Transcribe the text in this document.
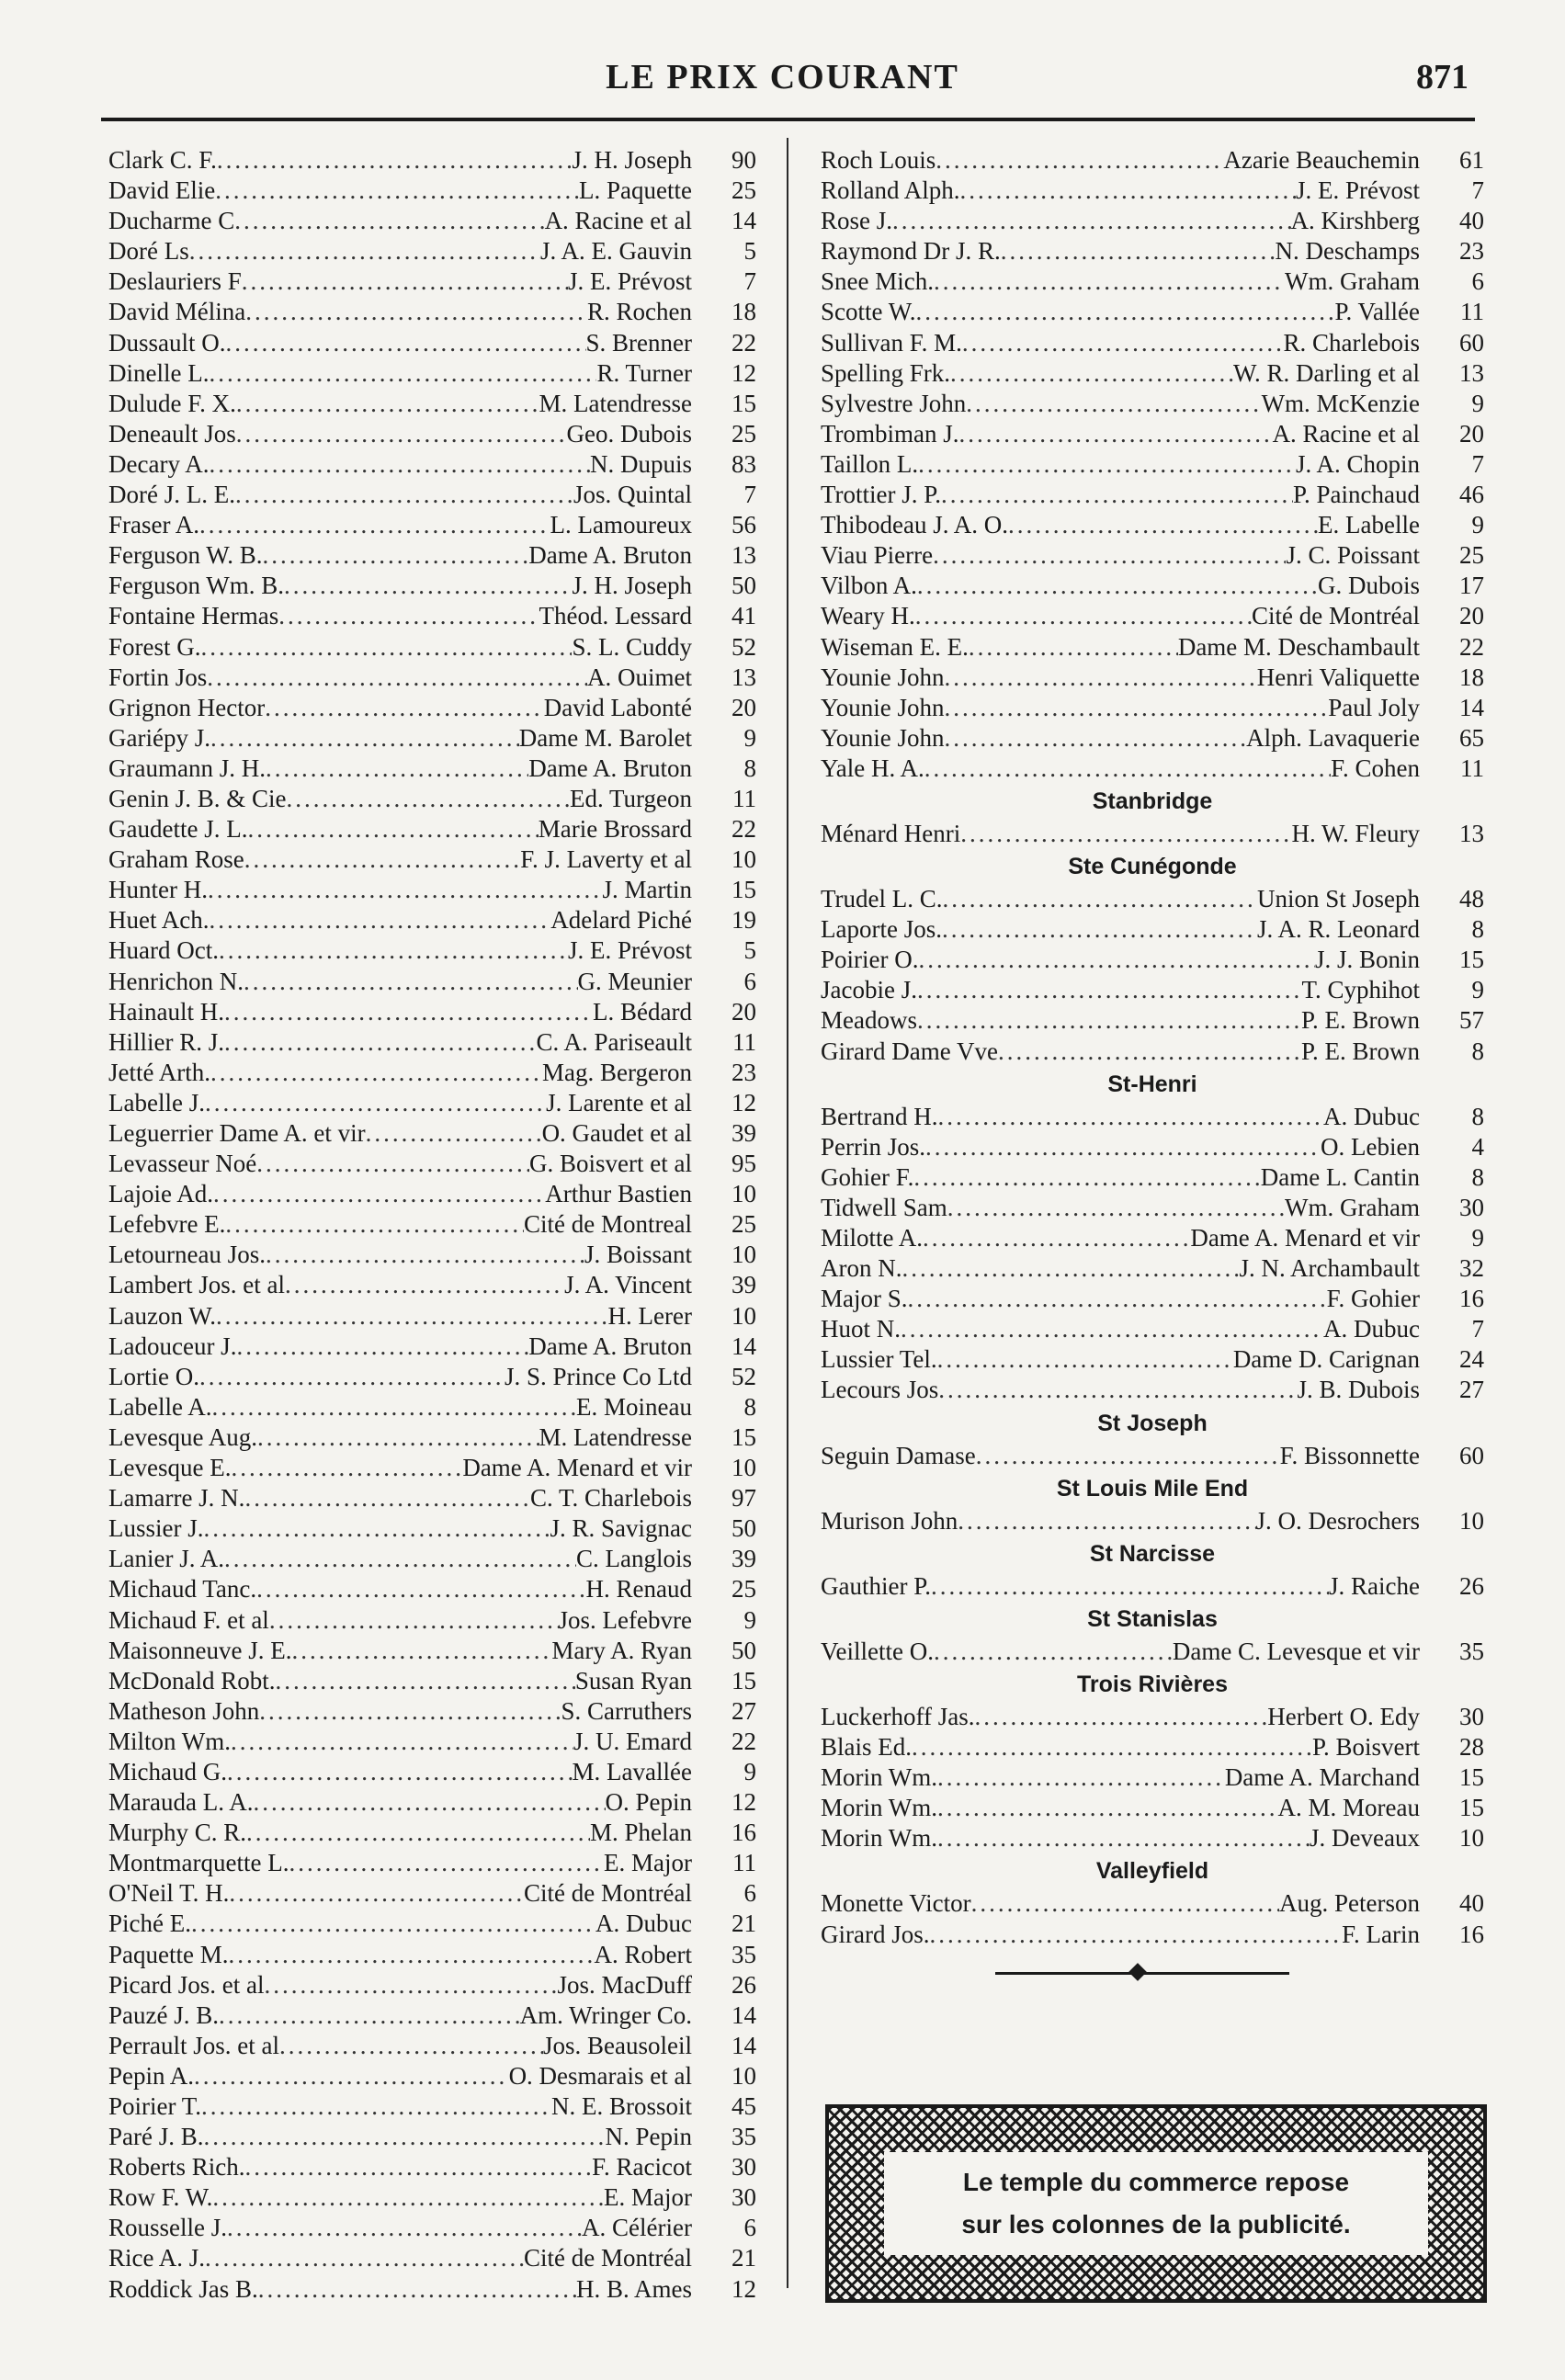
LE PRIX COURANT	871
Clark C. F. .....	J. H. Joseph	90
David Elie .....	L. Paquette	25
Ducharme C .....	A. Racine et al	14
Doré Ls .....	J. A. E. Gauvin	5
Deslauriers F .....	J. E. Prévost	7
David Mélina .....	R. Rochen	18
Dussault O. .....	S. Brenner	22
Dinelle L. .....	R. Turner	12
Dulude F. X. .....	M. Latendresse	15
Deneault Jos .....	Geo. Dubois	25
Decary A. .....	N. Dupuis	83
Doré J. L. E. .....	Jos. Quintal	7
Fraser A. .....	L. Lamoureux	56
Ferguson W. B. .....	Dame A. Bruton	13
Ferguson Wm. B. .....	J. H. Joseph	50
Fontaine Hermas .....	Théod. Lessard	41
Forest G. .....	S. L. Cuddy	52
Fortin Jos .....	A. Ouimet	13
Grignon Hector .....	David Labonté	20
Gariépy J. .....	Dame M. Barolet	9
Graumann J. H. .....	Dame A. Bruton	8
Genin J. B. & Cie .....	Ed. Turgeon	11
Gaudette J. L. .....	Marie Brossard	22
Graham Rose .....	F. J. Laverty et al	10
Hunter H. .....	J. Martin	15
Huet Ach. .....	Adelard Piché	19
Huard Oct. .....	J. E. Prévost	5
Henrichon N. .....	G. Meunier	6
Hainault H. .....	L. Bédard	20
Hillier R. J. .....	C. A. Pariseault	11
Jetté Arth. .....	Mag. Bergeron	23
Labelle J. .....	J. Larente et al	12
Leguerrier Dame A. et vir .....	O. Gaudet et al	39
Levasseur Noé .....	G. Boisvert et al	95
Lajoie Ad. .....	Arthur Bastien	10
Lefebvre E. .....	Cité de Montreal	25
Letourneau Jos. .....	J. Boissant	10
Lambert Jos. et al .....	J. A. Vincent	39
Lauzon W. .....	H. Lerer	10
Ladouceur J. .....	Dame A. Bruton	14
Lortie O. .....	J. S. Prince Co Ltd	52
Labelle A. .....	E. Moineau	8
Levesque Aug. .....	M. Latendresse	15
Levesque E. .....	Dame A. Menard et vir	10
Lamarre J. N. .....	C. T. Charlebois	97
Lussier J. .....	J. R. Savignac	50
Lanier J. A. .....	C. Langlois	39
Michaud Tanc. .....	H. Renaud	25
Michaud F. et al .....	Jos. Lefebvre	9
Maisonneuve J. E. .....	Mary A. Ryan	50
McDonald Robt. .....	Susan Ryan	15
Matheson John .....	S. Carruthers	27
Milton Wm. .....	J. U. Emard	22
Michaud G. .....	M. Lavallée	9
Marauda L. A. .....	O. Pepin	12
Murphy C. R. .....	M. Phelan	16
Montmarquette L. .....	E. Major	11
O'Neil T. H. .....	Cité de Montréal	6
Piché E. .....	A. Dubuc	21
Paquette M. .....	A. Robert	35
Picard Jos. et al .....	Jos. MacDuff	26
Pauzé J. B. .....	Am. Wringer Co.	14
Perrault Jos. et al .....	Jos. Beausoleil	14
Pepin A. .....	O. Desmarais et al	10
Poirier T. .....	N. E. Brossoit	45
Paré J. B. .....	N. Pepin	35
Roberts Rich. .....	F. Racicot	30
Row F. W. .....	E. Major	30
Rousselle J. .....	A. Célérier	6
Rice A. J. .....	Cité de Montréal	21
Roddick Jas B. .....	H. B. Ames	12
Roch Louis .....	Azarie Beauchemin	61
Rolland Alph. .....	J. E. Prévost	7
Rose J. .....	A. Kirshberg	40
Raymond Dr J. R. .....	N. Deschamps	23
Snee Mich. .....	Wm. Graham	6
Scotte W. .....	P. Vallée	11
Sullivan F. M. .....	R. Charlebois	60
Spelling Frk. .....	W. R. Darling et al	13
Sylvestre John .....	Wm. McKenzie	9
Trombiman J. .....	A. Racine et al	20
Taillon L. .....	J. A. Chopin	7
Trottier J. P. .....	P. Painchaud	46
Thibodeau J. A. O. .....	E. Labelle	9
Viau Pierre .....	J. C. Poissant	25
Vilbon A. .....	G. Dubois	17
Weary H. .....	Cité de Montréal	20
Wiseman E. E. .....	Dame M. Deschambault	22
Younie John .....	Henri Valiquette	18
Younie John .....	Paul Joly	14
Younie John .....	Alph. Lavaquerie	65
Yale H. A. .....	F. Cohen	11
Stanbridge
Ménard Henri .....	H. W. Fleury	13
Ste Cunégonde
Trudel L. C. .....	Union St Joseph	48
Laporte Jos. .....	J. A. R. Leonard	8
Poirier O. .....	J. J. Bonin	15
Jacobie J. .....	T. Cyphihot	9
Meadows .....	P. E. Brown	57
Girard Dame Vve .....	P. E. Brown	8
St-Henri
Bertrand H. .....	A. Dubuc	8
Perrin Jos. .....	O. Lebien	4
Gohier F. .....	Dame L. Cantin	8
Tidwell Sam .....	Wm. Graham	30
Milotte A. .....	Dame A. Menard et vir	9
Aron N. .....	J. N. Archambault	32
Major S. .....	F. Gohier	16
Huot N. .....	A. Dubuc	7
Lussier Tel. .....	Dame D. Carignan	24
Lecours Jos .....	J. B. Dubois	27
St Joseph
Seguin Damase .....	F. Bissonnette	60
St Louis Mile End
Murison John .....	J. O. Desrochers	10
St Narcisse
Gauthier P. .....	J. Raiche	26
St Stanislas
Veillette O. .....	Dame C. Levesque et vir	35
Trois Rivières
Luckerhoff Jas. .....	Herbert O. Edy	30
Blais Ed. .....	P. Boisvert	28
Morin Wm. .....	Dame A. Marchand	15
Morin Wm. .....	A. M. Moreau	15
Morin Wm. .....	J. Deveaux	10
Valleyfield
Monette Victor .....	Aug. Peterson	40
Girard Jos. .....	F. Larin	16
Le temple du commerce repose
sur les colonnes de la publicité.
